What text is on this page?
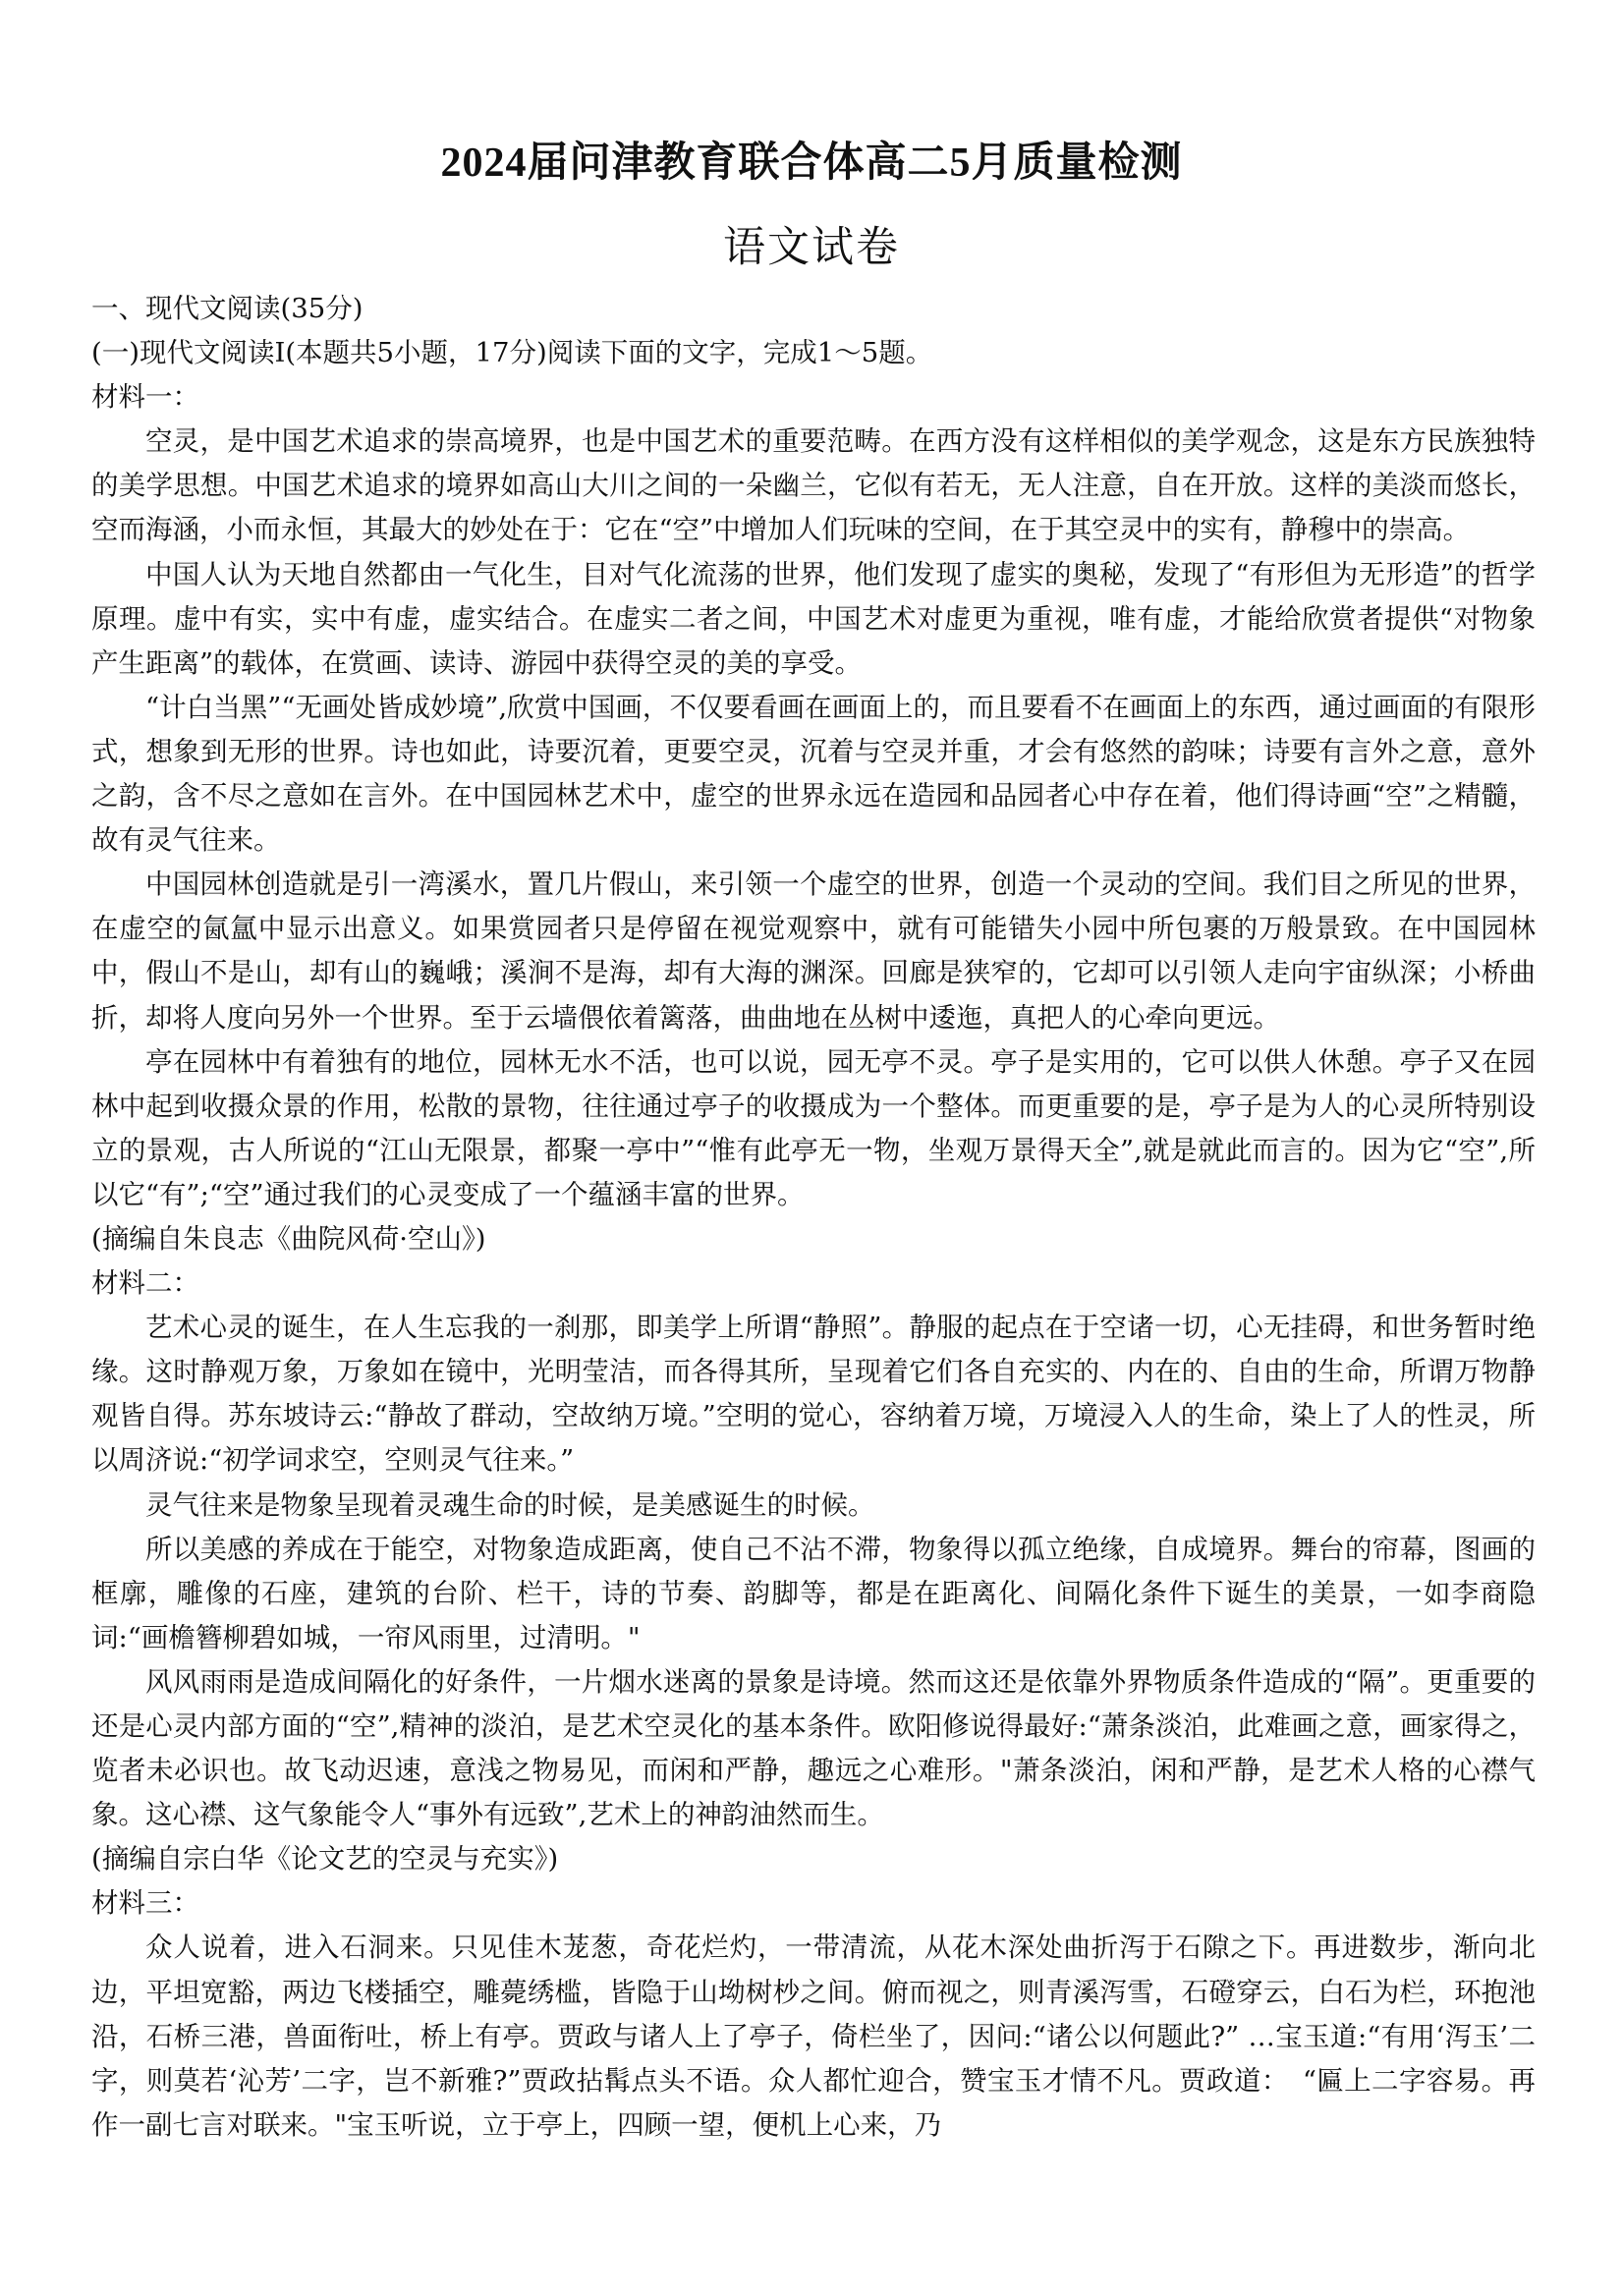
2024届问津教育联合体高二5月质量检测
语文试卷

一、现代文阅读(35分)

(一)现代文阅读Ⅰ(本题共5小题，17分)阅读下面的文字，完成1～5题。

材料一：

空灵，是中国艺术追求的崇高境界，也是中国艺术的重要范畴。在西方没有这样相似的美学观念，这是东方民族独特的美学思想。中国艺术追求的境界如高山大川之间的一朵幽兰，它似有若无，无人注意，自在开放。这样的美淡而悠长，空而海涵，小而永恒，其最大的妙处在于：它在“空”中增加人们玩味的空间，在于其空灵中的实有，静穆中的崇高。

中国人认为天地自然都由一气化生，目对气化流荡的世界，他们发现了虚实的奥秘，发现了“有形但为无形造”的哲学原理。虚中有实，实中有虚，虚实结合。在虚实二者之间，中国艺术对虚更为重视，唯有虚，才能给欣赏者提供“对物象产生距离”的载体，在赏画、读诗、游园中获得空灵的美的享受。

“计白当黑”“无画处皆成妙境”,欣赏中国画，不仅要看画在画面上的，而且要看不在画面上的东西，通过画面的有限形式，想象到无形的世界。诗也如此，诗要沉着，更要空灵，沉着与空灵并重，才会有悠然的韵味；诗要有言外之意，意外之韵，含不尽之意如在言外。在中国园林艺术中，虚空的世界永远在造园和品园者心中存在着，他们得诗画“空”之精髓，故有灵气往来。

中国园林创造就是引一湾溪水，置几片假山，来引领一个虚空的世界，创造一个灵动的空间。我们目之所见的世界，在虚空的氤氲中显示出意义。如果赏园者只是停留在视觉观察中，就有可能错失小园中所包裹的万般景致。在中国园林中，假山不是山，却有山的巍峨；溪涧不是海，却有大海的渊深。回廊是狭窄的，它却可以引领人走向宇宙纵深；小桥曲折，却将人度向另外一个世界。至于云墙偎依着篱落，曲曲地在丛树中逶迤，真把人的心牵向更远。

亭在园林中有着独有的地位，园林无水不活，也可以说，园无亭不灵。亭子是实用的，它可以供人休憩。亭子又在园林中起到收摄众景的作用，松散的景物，往往通过亭子的收摄成为一个整体。而更重要的是，亭子是为人的心灵所特别设立的景观，古人所说的“江山无限景，都聚一亭中”“惟有此亭无一物，坐观万景得天全”,就是就此而言的。因为它“空”,所以它“有”;“空”通过我们的心灵变成了一个蕴涵丰富的世界。

(摘编自朱良志《曲院风荷·空山》)

材料二：

艺术心灵的诞生，在人生忘我的一刹那，即美学上所谓“静照”。静服的起点在于空诸一切，心无挂碍，和世务暂时绝缘。这时静观万象，万象如在镜中，光明莹洁，而各得其所，呈现着它们各自充实的、内在的、自由的生命，所谓万物静观皆自得。苏东坡诗云:“静故了群动，空故纳万境。”空明的觉心，容纳着万境，万境浸入人的生命，染上了人的性灵，所以周济说:“初学词求空，空则灵气往来。”

灵气往来是物象呈现着灵魂生命的时候，是美感诞生的时候。

所以美感的养成在于能空，对物象造成距离，使自己不沾不滞，物象得以孤立绝缘，自成境界。舞台的帘幕，图画的框廓，雕像的石座，建筑的台阶、栏干，诗的节奏、韵脚等，都是在距离化、间隔化条件下诞生的美景，一如李商隐词:“画檐簪柳碧如城，一帘风雨里，过清明。"

风风雨雨是造成间隔化的好条件，一片烟水迷离的景象是诗境。然而这还是依靠外界物质条件造成的“隔”。更重要的还是心灵内部方面的“空”,精神的淡泊，是艺术空灵化的基本条件。欧阳修说得最好:“萧条淡泊，此难画之意，画家得之，览者未必识也。故飞动迟速，意浅之物易见，而闲和严静，趣远之心难形。"萧条淡泊，闲和严静，是艺术人格的心襟气象。这心襟、这气象能令人“事外有远致”,艺术上的神韵油然而生。

(摘编自宗白华《论文艺的空灵与充实》)

材料三：

众人说着，进入石洞来。只见佳木茏葱，奇花烂灼，一带清流，从花木深处曲折泻于石隙之下。再进数步，渐向北边，平坦宽豁，两边飞楼插空，雕薨绣槛，皆隐于山坳树杪之间。俯而视之，则青溪泻雪，石磴穿云，白石为栏，环抱池沿，石桥三港，兽面衔吐，桥上有亭。贾政与诸人上了亭子，倚栏坐了，因问:“诸公以何题此?” …宝玉道:“有用‘泻玉’二字，则莫若‘沁芳’二字，岂不新雅?”贾政拈髯点头不语。众人都忙迎合，赞宝玉才情不凡。贾政道：　“匾上二字容易。再作一副七言对联来。"宝玉听说，立于亭上，四顾一望，便机上心来，乃
